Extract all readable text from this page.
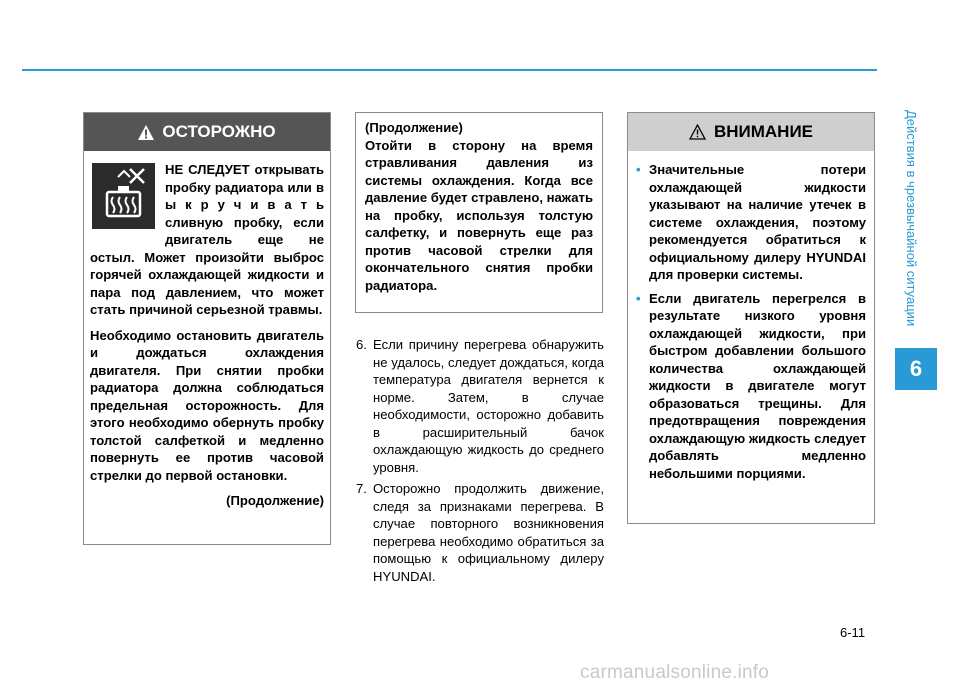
Действия в чрезвычайной ситуации
6
ОСТОРОЖНО

НЕ СЛЕДУЕТ открывать пробку радиатора или в ы к р у ч и в а т ь сливную пробку, если двигатель еще не остыл. Может произойти выброс горячей охлаждающей жидкости и пара под давлением, что может стать причиной серьезной травмы.

Необходимо остановить двигатель и дождаться охлаждения двигателя. При снятии пробки радиатора должна соблюдаться предельная осторожность. Для этого необходимо обернуть пробку толстой салфеткой и медленно повернуть ее против часовой стрелки до первой остановки.

(Продолжение)

(Продолжение)

Отойти в сторону на время стравливания давления из системы охлаждения. Когда все давление будет стравлено, нажать на пробку, используя толстую салфетку, и повернуть еще раз против часовой стрелки для окончательного снятия пробки радиатора.

6. Если причину перегрева обнаружить не удалось, следует дождаться, когда температура двигателя вернется к норме. Затем, в случае необходимости, осторожно добавить в расширительный бачок охлаждающую жидкость до среднего уровня.
7. Осторожно продолжить движение, следя за признаками перегрева. В случае повторного возникновения перегрева необходимо обратиться за помощью к официальному дилеру HYUNDAI.
ВНИМАНИЕ
• Значительные потери охлаждающей жидкости указывают на наличие утечек в системе охлаждения, поэтому рекомендуется обратиться к официальному дилеру HYUNDAI для проверки системы.
• Если двигатель перегрелся в результате низкого уровня охлаждающей жидкости, при быстром добавлении большого количества охлаждающей жидкости в двигателе могут образоваться трещины. Для предотвращения повреждения охлаждающую жидкость следует добавлять медленно небольшими порциями.
6-11
carmanualsonline.info
